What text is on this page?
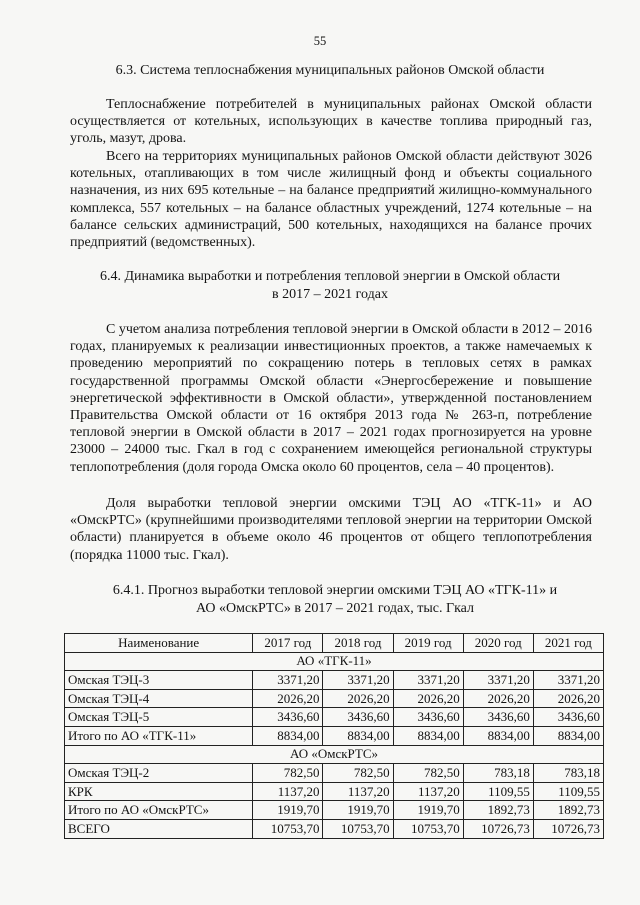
55
6.3. Система теплоснабжения муниципальных районов Омской области

Теплоснабжение потребителей в муниципальных районах Омской области осуществляется от котельных, использующих в качестве топлива природный газ, уголь, мазут, дрова.

Всего на территориях муниципальных районов Омской области действуют 3026 котельных, отапливающих в том числе жилищный фонд и объекты социального назначения, из них 695 котельные – на балансе предприятий жилищно-коммунального комплекса, 557 котельных – на балансе областных учреждений, 1274 котельные – на балансе сельских администраций, 500 котельных, находящихся на балансе прочих предприятий (ведомственных).

6.4. Динамика выработки и потребления тепловой энергии в Омской области
в 2017 – 2021 годах

С учетом анализа потребления тепловой энергии в Омской области в 2012 – 2016 годах, планируемых к реализации инвестиционных проектов, а также намечаемых к проведению мероприятий по сокращению потерь в тепловых сетях в рамках государственной программы Омской области «Энергосбережение и повышение энергетической эффективности в Омской области», утвержденной постановлением Правительства Омской области от 16 октября 2013 года № 263-п, потребление тепловой энергии в Омской области в 2017 – 2021 годах прогнозируется на уровне 23000 – 24000 тыс. Гкал в год с сохранением имеющейся региональной структуры теплопотребления (доля города Омска около 60 процентов, села – 40 процентов).

Доля выработки тепловой энергии омскими ТЭЦ АО «ТГК-11» и АО «ОмскРТС» (крупнейшими производителями тепловой энергии на территории Омской области) планируется в объеме около 46 процентов от общего теплопотребления (порядка 11000 тыс. Гкал).

6.4.1. Прогноз выработки тепловой энергии омскими ТЭЦ АО «ТГК-11» и
АО «ОмскРТС» в 2017 – 2021 годах, тыс. Гкал
Наименование	2017 год	2018 год	2019 год	2020 год	2021 год
АО «ТГК-11»					
Омская ТЭЦ-3	3371,20	3371,20	3371,20	3371,20	3371,20
Омская ТЭЦ-4	2026,20	2026,20	2026,20	2026,20	2026,20
Омская ТЭЦ-5	3436,60	3436,60	3436,60	3436,60	3436,60
Итого по АО «ТГК-11»	8834,00	8834,00	8834,00	8834,00	8834,00
АО «ОмскРТС»					
Омская ТЭЦ-2	782,50	782,50	782,50	783,18	783,18
КРК	1137,20	1137,20	1137,20	1109,55	1109,55
Итого по АО «ОмскРТС»	1919,70	1919,70	1919,70	1892,73	1892,73
ВСЕГО	10753,70	10753,70	10753,70	10726,73	10726,73
